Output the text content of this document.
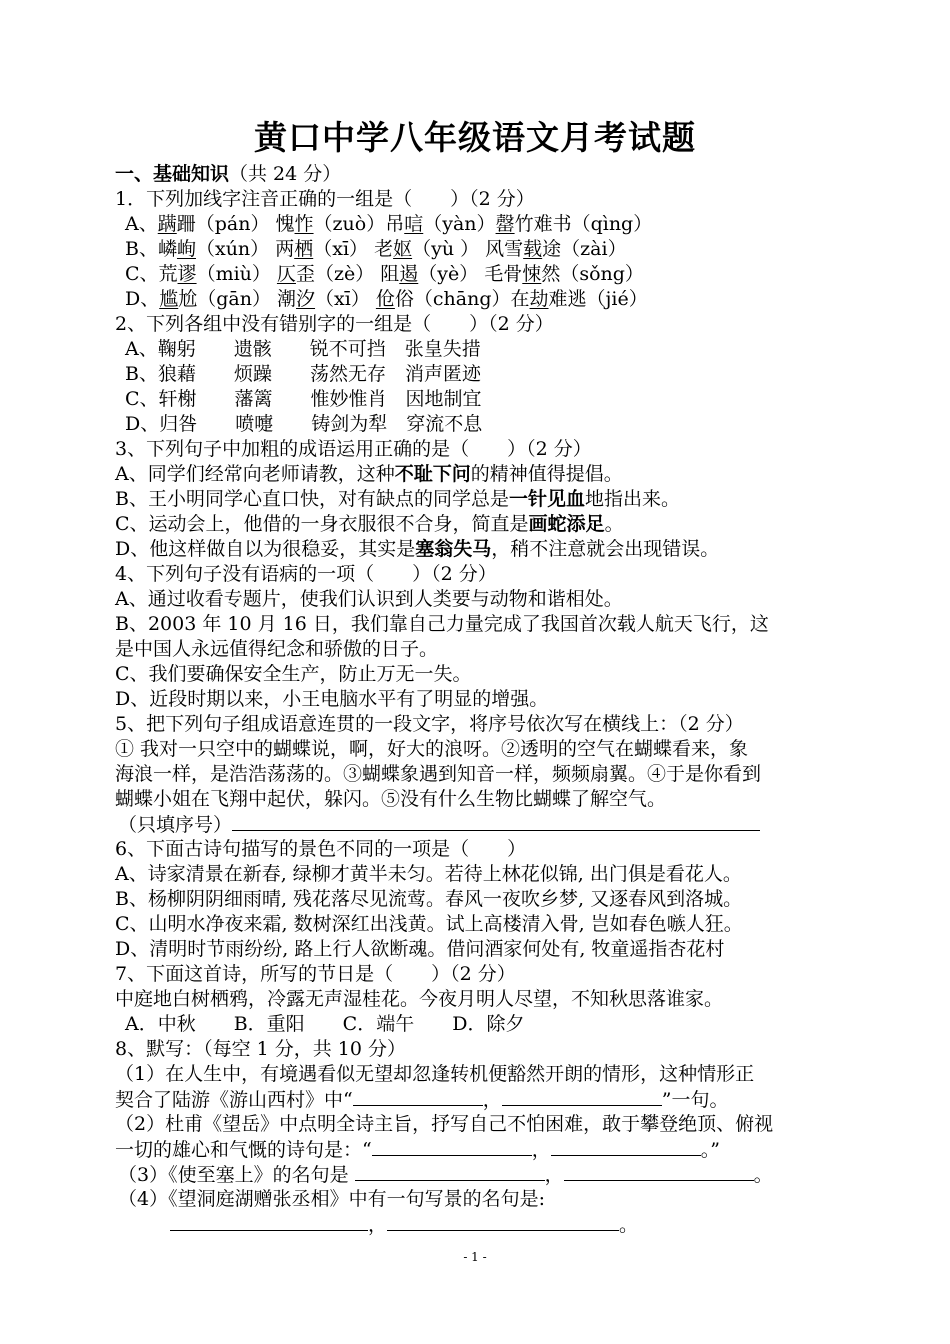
黄口中学八年级语文月考试题
一、基础知识（共 24 分）
1．下列加线字注音正确的一组是（　　）（2 分）
A、蹒跚（pán） 愧怍（zuò）吊唁（yàn）罄竹难书（qìng）
B、嶙峋（xún） 两栖（xī） 老妪（yù ） 风雪载途（zài）
C、荒谬（miù） 仄歪（zè） 阻遏（yè） 毛骨悚然（sǒng）
D、尴尬（gān） 潮汐（xī） 伧俗（chāng）在劫难逃（jié）
2、下列各组中没有错别字的一组是（　　）（2 分）
A、鞠躬　　遗骸　　锐不可挡　张皇失措
B、狼藉　　烦躁　　荡然无存　消声匿迹
C、轩榭　　藩篱　　惟妙惟肖　因地制宜
D、归咎　　喷嚏　　铸剑为犁　穿流不息
3、下列句子中加粗的成语运用正确的是（　　）（2 分）
A、同学们经常向老师请教，这种不耻下问的精神值得提倡。
B、王小明同学心直口快，对有缺点的同学总是一针见血地指出来。
C、运动会上，他借的一身衣服很不合身，简直是画蛇添足。
D、他这样做自以为很稳妥，其实是塞翁失马，稍不注意就会出现错误。
4、下列句子没有语病的一项（　　）（2 分）
A、通过收看专题片，使我们认识到人类要与动物和谐相处。
B、2003 年 10 月 16 日，我们靠自己力量完成了我国首次载人航天飞行，这
是中国人永远值得纪念和骄傲的日子。
C、我们要确保安全生产，防止万无一失。
D、近段时期以来，小王电脑水平有了明显的增强。
5、把下列句子组成语意连贯的一段文字，将序号依次写在横线上：（2 分）
① 我对一只空中的蝴蝶说，啊，好大的浪呀。②透明的空气在蝴蝶看来，象
海浪一样，是浩浩荡荡的。③蝴蝶象遇到知音一样，频频扇翼。④于是你看到
蝴蝶小姐在飞翔中起伏，躲闪。⑤没有什么生物比蝴蝶了解空气。
（只填序号）
6、下面古诗句描写的景色不同的一项是（　　）
A、诗家清景在新春, 绿柳才黄半未匀。若待上林花似锦, 出门俱是看花人。
B、杨柳阴阴细雨晴, 残花落尽见流莺。春风一夜吹乡梦, 又逐春风到洛城。
C、山明水净夜来霜, 数树深红出浅黄。试上高楼清入骨, 岂如春色嗾人狂。
D、清明时节雨纷纷, 路上行人欲断魂。借问酒家何处有, 牧童遥指杏花村
7、下面这首诗，所写的节日是（　　）（2 分）
中庭地白树栖鸦，冷露无声湿桂花。今夜月明人尽望，不知秋思落谁家。
A．中秋　　B．重阳　　C．端午　　D．除夕
8、默写：（每空 1 分，共 10 分）
（1）在人生中，有境遇看似无望却忽逢转机便豁然开朗的情形，这种情形正
契合了陆游《游山西村》中“	，	”一句。
（2）杜甫《望岳》中点明全诗主旨，抒写自己不怕困难，敢于攀登绝顶、俯视
一切的雄心和气慨的诗句是：“	，	。”
（3）《使至塞上》的名句是	，	。
（4）《望洞庭湖赠张丞相》中有一句写景的名句是:
，	。
- 1 -
